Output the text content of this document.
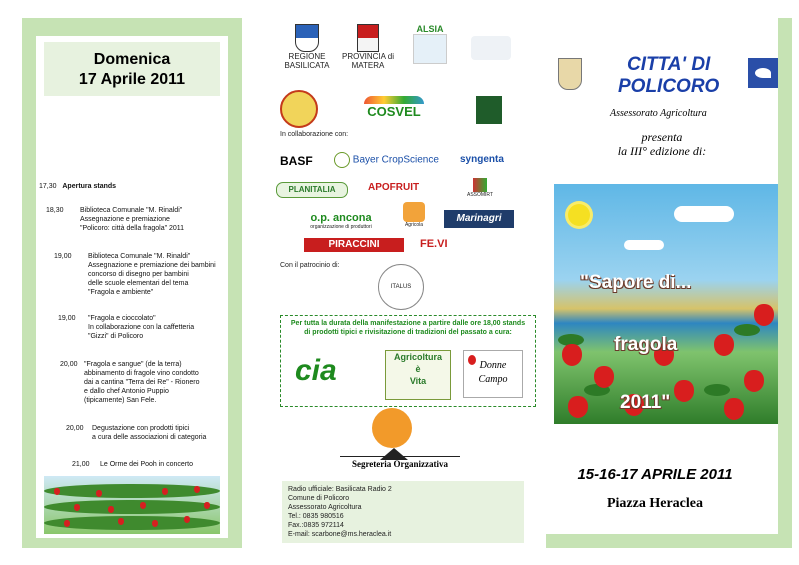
Domenica
17 Aprile 2011
17,30 Apertura stands
18,30	Biblioteca Comunale "M. Rinaldi"
Assegnazione e premiazione
"Policoro: città della fragola" 2011
19,00	Biblioteca Comunale "M. Rinaldi"
Assegnazione e premiazione dei bambini
concorso di disegno per bambini
delle scuole elementari del tema
"Fragola e ambiente"
19,00	"Fragola e cioccolato"
In collaborazione con la caffetteria
"Gizzi" di Policoro
20,00 "Fragola e sangue" (de la terra)
abbinamento di fragole vino condotto
dai a cantina "Terra dei Re" - Rionero
e dallo chef Antonio Puppio
(tipicamente) San Fele.
20,00	Degustazione con prodotti tipici
a cura delle associazioni di categoria
21,00	Le Orme dei Pooh in concerto
REGIONE BASILICATA
PROVINCIA di MATERA
ALSIA
COSVEL
In collaborazione con:
BASF	Bayer CropScience syngenta
PLANITALIA	APOFRUIT
ASSOMIRT
o.p. ancona
organizzazione di produttori	Agricola
Marinagri
PIRACCINI	FE.VI
Con il patrocinio di:
ITALUS
Per tutta la durata della manifestazione a partire dalle ore 18,00 stands di prodotti tipici e rivisitazione di tradizioni del passato a cura:
cia	Agricoltura
è
Vita
Donne
Campo
Segreteria Organizzativa
Radio ufficiale: Basilicata Radio 2
Comune di Policoro
Assessorato Agricoltura
Tel.: 0835 980516
Fax.:0835 972114
E-mail: scarbone@ms.heraclea.it
CITTA' DI
POLICORO
Assessorato Agricoltura
presenta
la III° edizione di:
"Sapore di...
fragola
2011"
15-16-17 APRILE 2011
Piazza Heraclea
